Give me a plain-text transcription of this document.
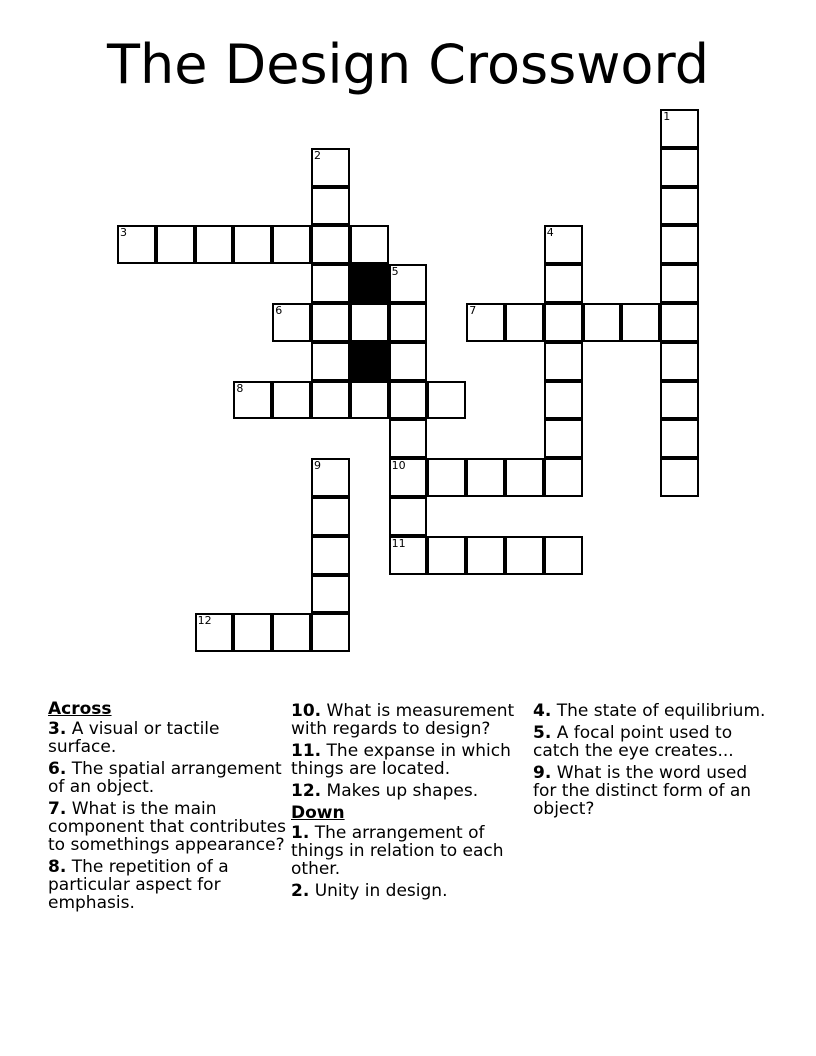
The Design Crossword
1
2
3	4
5
6	7
8
9	10
11
12
Across
3. A visual or tactile surface.
6. The spatial arrangement of an object.
7. What is the main component that contributes to somethings appearance?
8. The repetition of a particular aspect for emphasis.
10. What is measurement with regards to design?
11. The expanse in which things are located.
12. Makes up shapes.
Down
1. The arrangement of things in relation to each other.
2. Unity in design.
4. The state of equilibrium.
5. A focal point used to catch the eye creates...
9. What is the word used for the distinct form of an object?
